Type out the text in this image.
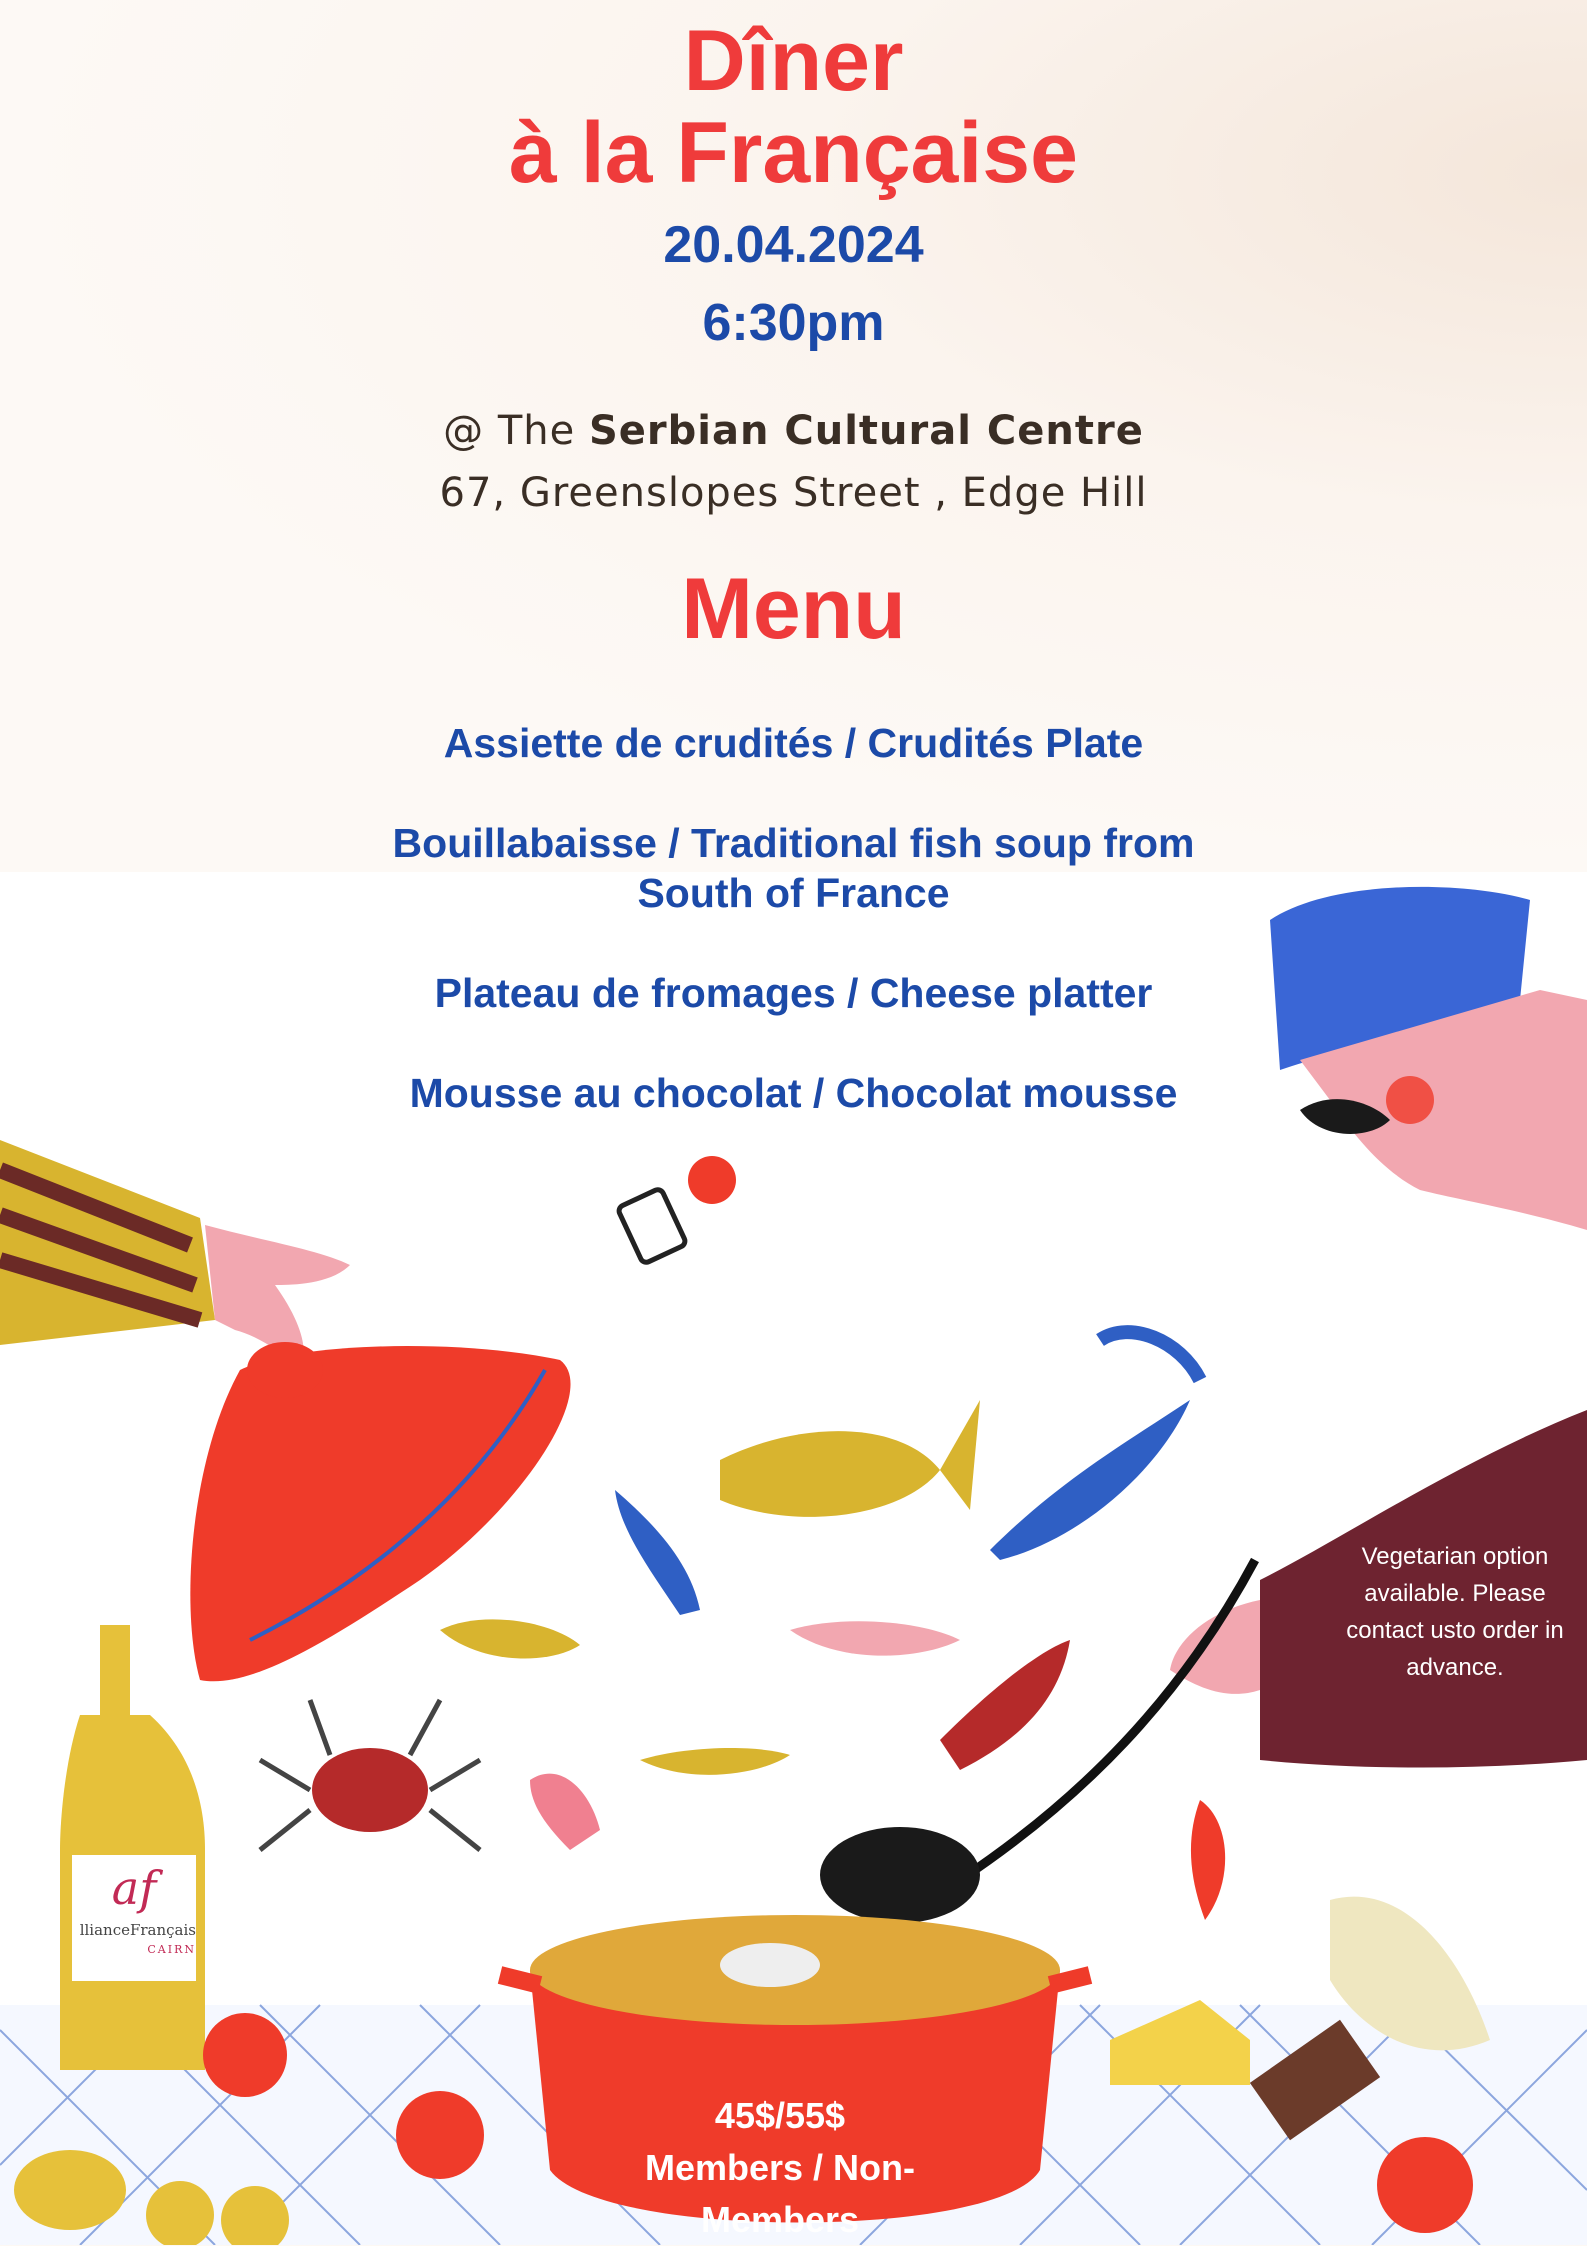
Dîner
à la Française
20.04.2024
6:30pm
@ The Serbian Cultural Centre
67, Greenslopes Street , Edge Hill
Menu
Assiette de crudités / Crudités Plate
Bouillabaisse / Traditional fish soup from
South of France
Plateau de fromages / Cheese platter
Mousse au chocolat / Chocolat mousse
Vegetarian option available. Please contact usto order in advance.
af
llianceFrançais
CAIRN
45$/55$
Members / Non-
Members
